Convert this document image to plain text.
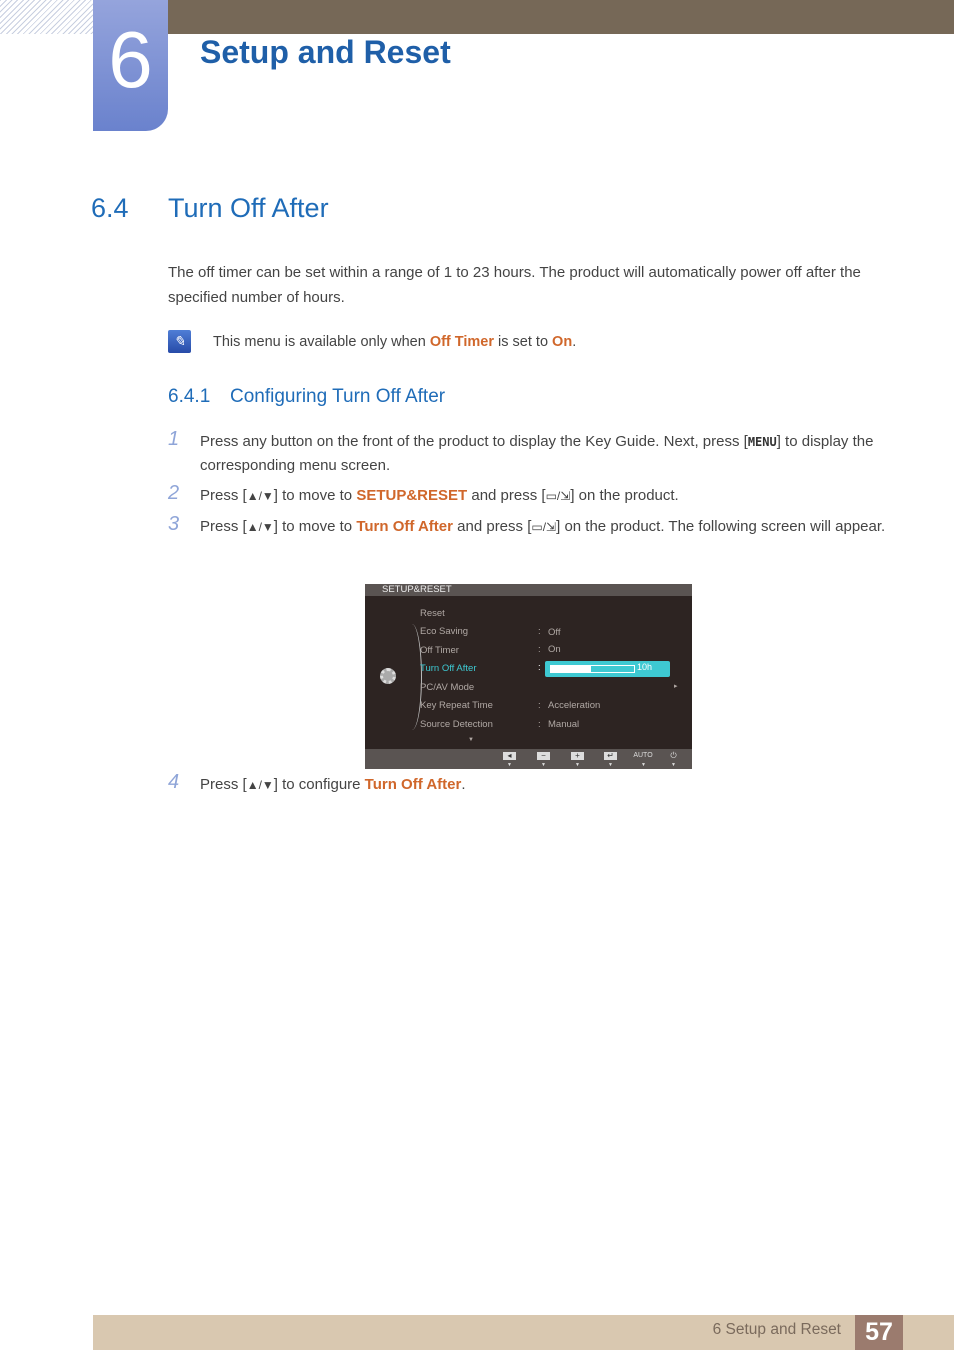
6	Setup and Reset
6.4 Turn Off After

The off timer can be set within a range of 1 to 23 hours. The product will automatically power off after the specified number of hours.

✎	This menu is available only when Off Timer is set to On.
6.4.1 Configuring Turn Off After
1 Press any button on the front of the product to display the Key Guide. Next, press [MENU] to display the corresponding menu screen.
2 Press [▲/▼] to move to SETUP&RESET and press [▭/⇲] on the product.
3 Press [▲/▼] to move to Turn Off After and press [▭/⇲] on the product. The following screen will appear.
SETUP&RESET
Reset
Eco Saving	: Off
Off Timer	: On
Turn Off After	:	10h
PC/AV Mode	▸
Key Repeat Time	: Acceleration
Source Detection	: Manual
▼
◂	−	+	↵	AUTO	⏻
▼	▼	▼	▼	▼	▼
4 Press [▲/▼] to configure Turn Off After.
6 Setup and Reset 57
